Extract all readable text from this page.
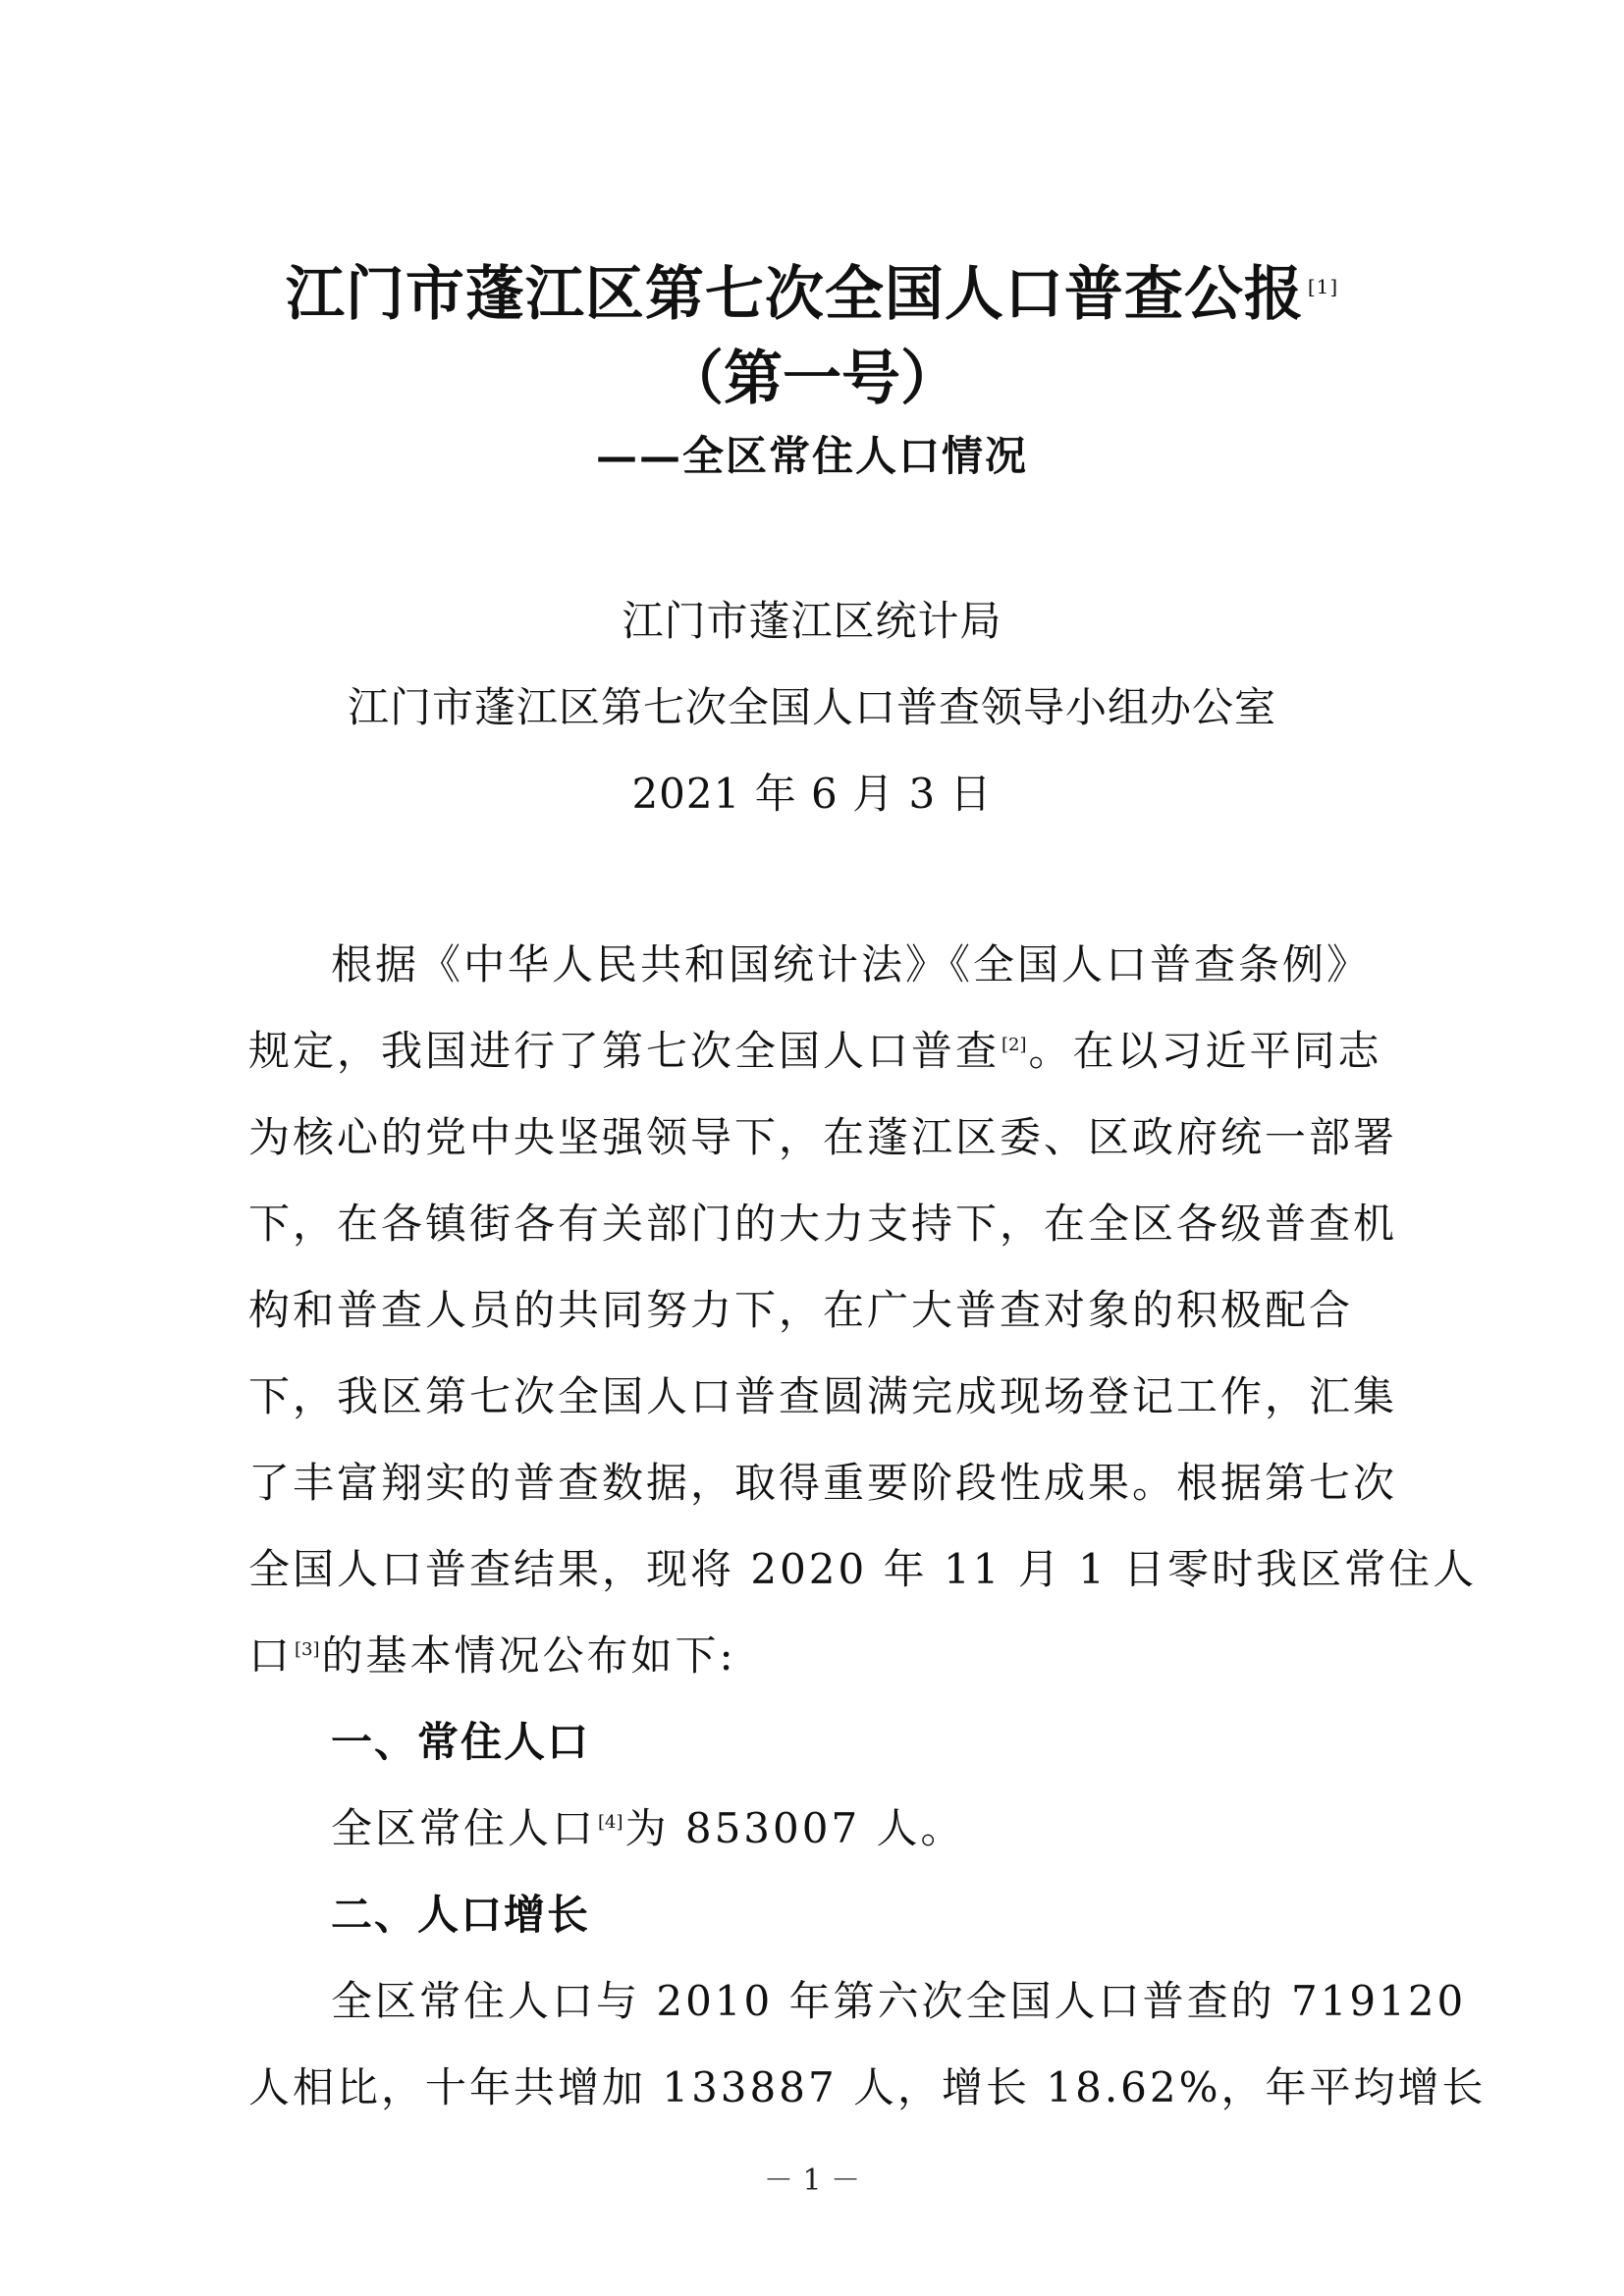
江门市蓬江区第七次全国人口普查公报 [1]
（第一号）
——全区常住人口情况
江门市蓬江区统计局
江门市蓬江区第七次全国人口普查领导小组办公室
2021 年 6 月 3 日
根据《中华人民共和国统计法》《全国人口普查条例》
规定，我国进行了第七次全国人口普查 [2]。在以习近平同志
为核心的党中央坚强领导下，在蓬江区委、区政府统一部署
下，在各镇街各有关部门的大力支持下，在全区各级普查机
构和普查人员的共同努力下，在广大普查对象的积极配合
下，我区第七次全国人口普查圆满完成现场登记工作，汇集
了丰富翔实的普查数据，取得重要阶段性成果。根据第七次
全国人口普查结果，现将 2020 年 11 月 1 日零时我区常住人
口 [3]的基本情况公布如下:
一、常住人口
全区常住人口 [4]为 853007 人。
二、人口增长
全区常住人口与 2010 年第六次全国人口普查的 719120
人相比，十年共增加 133887 人，增长 18.62%，年平均增长
－ 1 －
